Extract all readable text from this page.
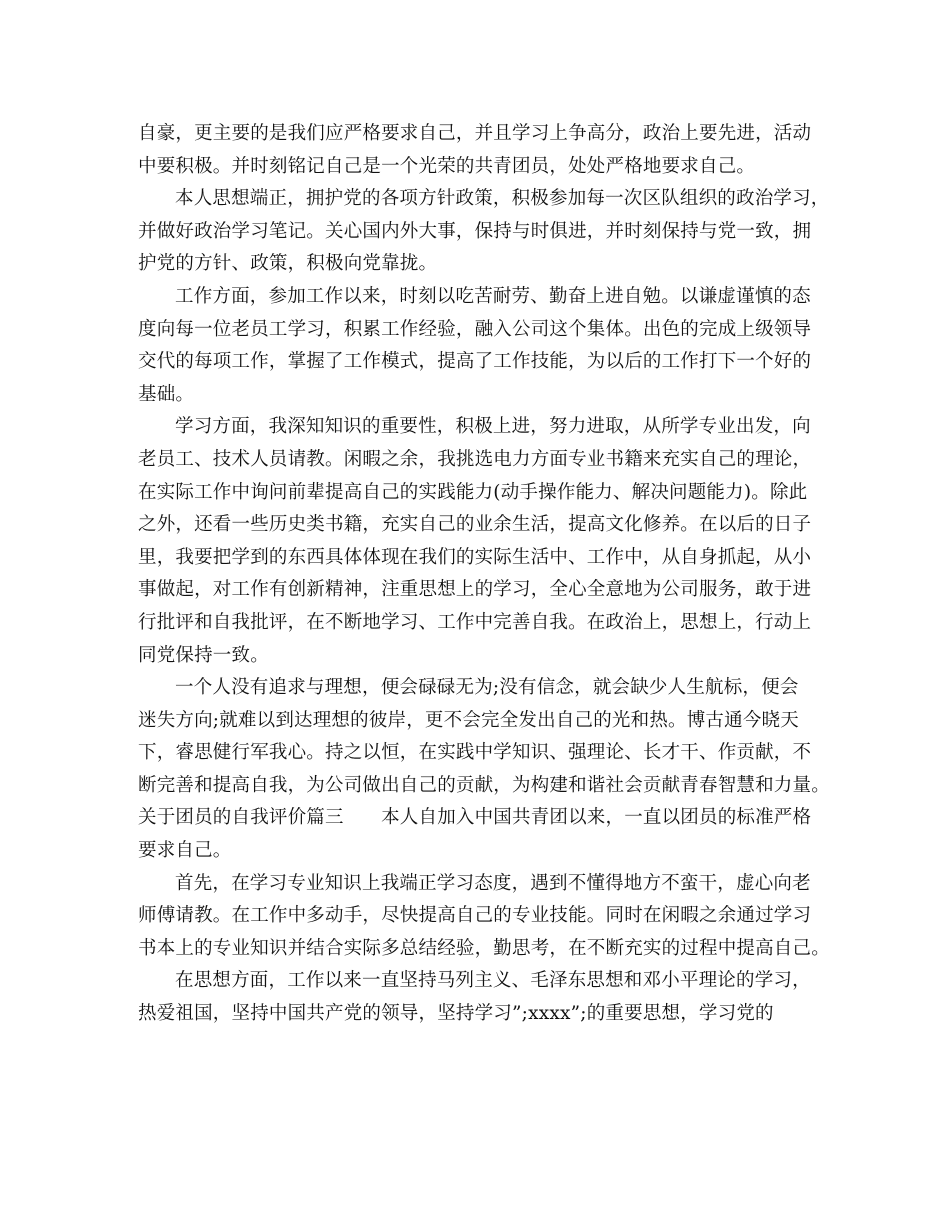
自豪，更主要的是我们应严格要求自己，并且学习上争高分，政治上要先进，活动
中要积极。并时刻铭记自己是一个光荣的共青团员，处处严格地要求自己。
本人思想端正，拥护党的各项方针政策，积极参加每一次区队组织的政治学习，
并做好政治学习笔记。关心国内外大事，保持与时俱进，并时刻保持与党一致，拥
护党的方针、政策，积极向党靠拢。
工作方面，参加工作以来，时刻以吃苦耐劳、勤奋上进自勉。以谦虚谨慎的态
度向每一位老员工学习，积累工作经验，融入公司这个集体。出色的完成上级领导
交代的每项工作，掌握了工作模式，提高了工作技能，为以后的工作打下一个好的
基础。
学习方面，我深知知识的重要性，积极上进，努力进取，从所学专业出发，向
老员工、技术人员请教。闲暇之余，我挑选电力方面专业书籍来充实自己的理论，
在实际工作中询问前辈提高自己的实践能力(动手操作能力、解决问题能力)。除此
之外，还看一些历史类书籍，充实自己的业余生活，提高文化修养。在以后的日子
里，我要把学到的东西具体体现在我们的实际生活中、工作中，从自身抓起，从小
事做起，对工作有创新精神，注重思想上的学习，全心全意地为公司服务，敢于进
行批评和自我批评，在不断地学习、工作中完善自我。在政治上，思想上，行动上
同党保持一致。
一个人没有追求与理想，便会碌碌无为;没有信念，就会缺少人生航标，便会
迷失方向;就难以到达理想的彼岸，更不会完全发出自己的光和热。博古通今晓天
下，睿思健行军我心。持之以恒，在实践中学知识、强理论、长才干、作贡献，不
断完善和提高自我，为公司做出自己的贡献，为构建和谐社会贡献青春智慧和力量。
关于团员的自我评价篇三　　本人自加入中国共青团以来，一直以团员的标准严格
要求自己。
首先，在学习专业知识上我端正学习态度，遇到不懂得地方不蛮干，虚心向老
师傅请教。在工作中多动手，尽快提高自己的专业技能。同时在闲暇之余通过学习
书本上的专业知识并结合实际多总结经验，勤思考，在不断充实的过程中提高自己。
在思想方面，工作以来一直坚持马列主义、毛泽东思想和邓小平理论的学习，
热爱祖国，坚持中国共产党的领导，坚持学习”;xxxx”;的重要思想，学习党的
